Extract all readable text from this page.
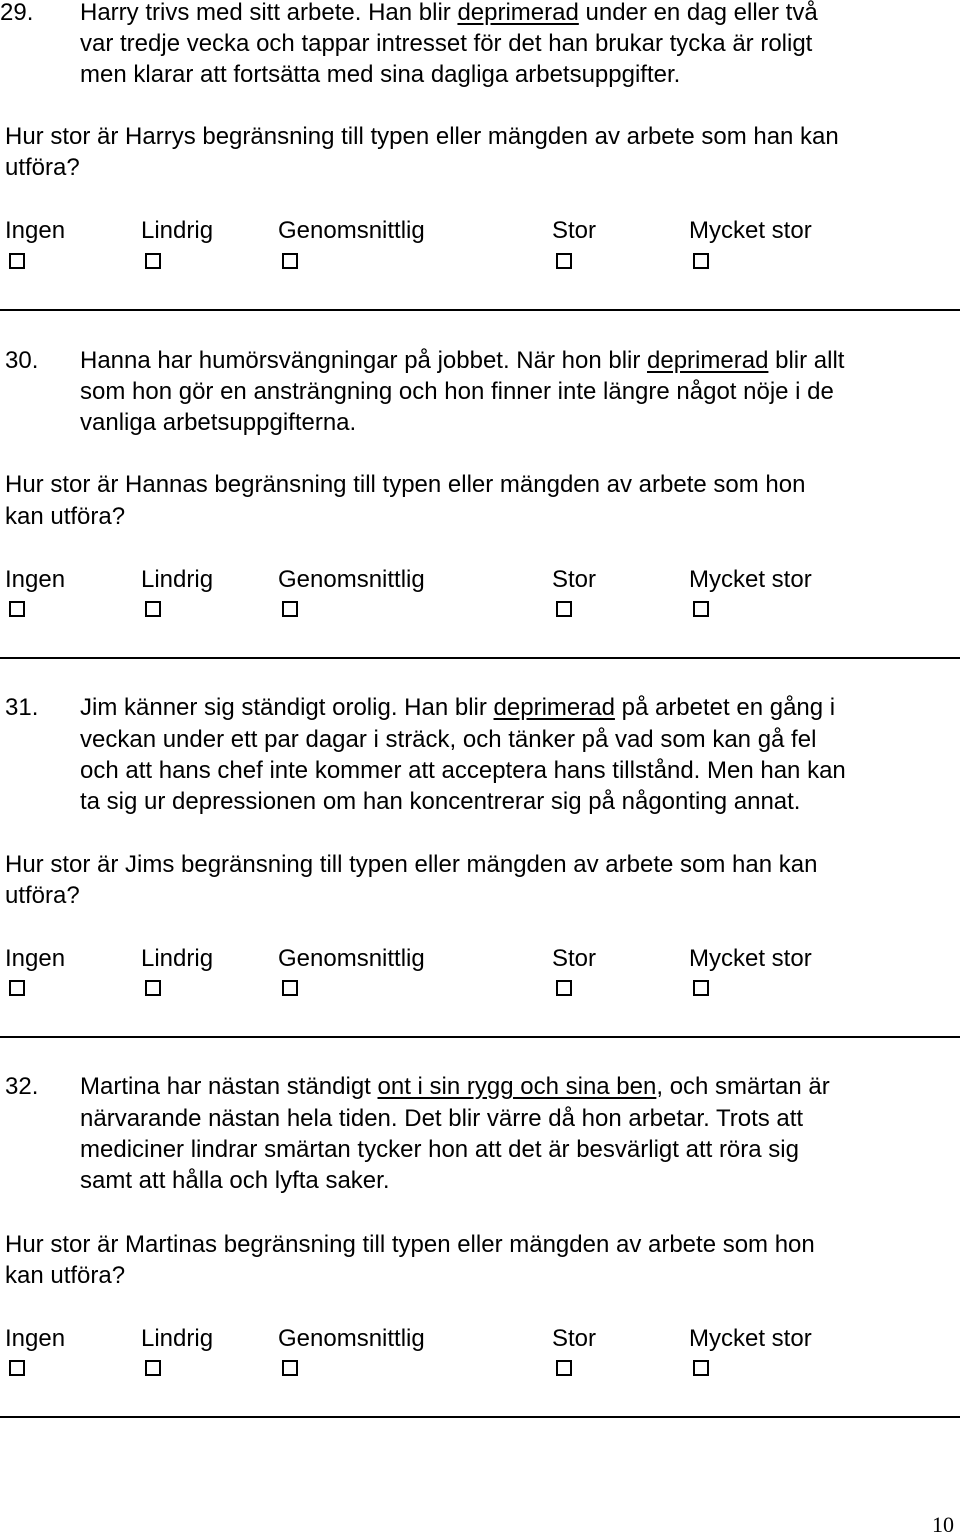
29. Harry trivs med sitt arbete. Han blir deprimerad under en dag eller två
var tredje vecka och tappar intresset för det han brukar tycka är roligt
men klarar att fortsätta med sina dagliga arbetsuppgifter.
Hur stor är Harrys begränsning till typen eller mängden av arbete som han kan
utföra?
Ingen	Lindrig	Genomsnittlig	Stor	Mycket stor
30. Hanna har humörsvängningar på jobbet. När hon blir deprimerad blir allt
som hon gör en ansträngning och hon finner inte längre något nöje i de
vanliga arbetsuppgifterna.
Hur stor är Hannas begränsning till typen eller mängden av arbete som hon
kan utföra?
Ingen	Lindrig	Genomsnittlig	Stor	Mycket stor
31. Jim känner sig ständigt orolig. Han blir deprimerad på arbetet en gång i
veckan under ett par dagar i sträck, och tänker på vad som kan gå fel
och att hans chef inte kommer att acceptera hans tillstånd. Men han kan
ta sig ur depressionen om han koncentrerar sig på någonting annat.
Hur stor är Jims begränsning till typen eller mängden av arbete som han kan
utföra?
Ingen	Lindrig	Genomsnittlig	Stor	Mycket stor
32. Martina har nästan ständigt ont i sin rygg och sina ben, och smärtan är
närvarande nästan hela tiden. Det blir värre då hon arbetar. Trots att
mediciner lindrar smärtan tycker hon att det är besvärligt att röra sig
samt att hålla och lyfta saker.
Hur stor är Martinas begränsning till typen eller mängden av arbete som hon
kan utföra?
Ingen	Lindrig	Genomsnittlig	Stor	Mycket stor
10
